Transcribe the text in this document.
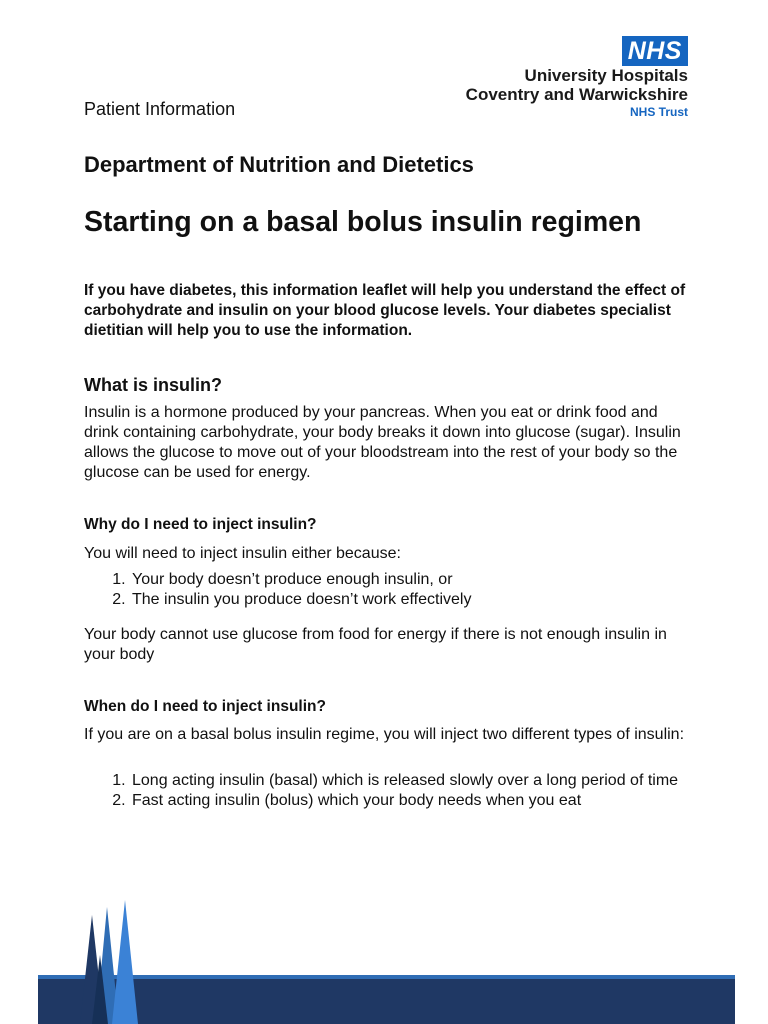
NHS
University Hospitals
Coventry and Warwickshire
NHS Trust
Patient Information
Department of Nutrition and Dietetics
Starting on a basal bolus insulin regimen
If you have diabetes, this information leaflet will help you understand the effect of carbohydrate and insulin on your blood glucose levels. Your diabetes specialist dietitian will help you to use the information.
What is insulin?
Insulin is a hormone produced by your pancreas. When you eat or drink food and drink containing carbohydrate, your body breaks it down into glucose (sugar). Insulin allows the glucose to move out of your bloodstream into the rest of your body so the glucose can be used for energy.
Why do I need to inject insulin?
You will need to inject insulin either because:
1. Your body doesn’t produce enough insulin, or
2. The insulin you produce doesn’t work effectively
Your body cannot use glucose from food for energy if there is not enough insulin in your body
When do I need to inject insulin?
If you are on a basal bolus insulin regime, you will inject two different types of insulin:
1. Long acting insulin (basal) which is released slowly over a long period of time
2. Fast acting insulin (bolus) which your body needs when you eat
